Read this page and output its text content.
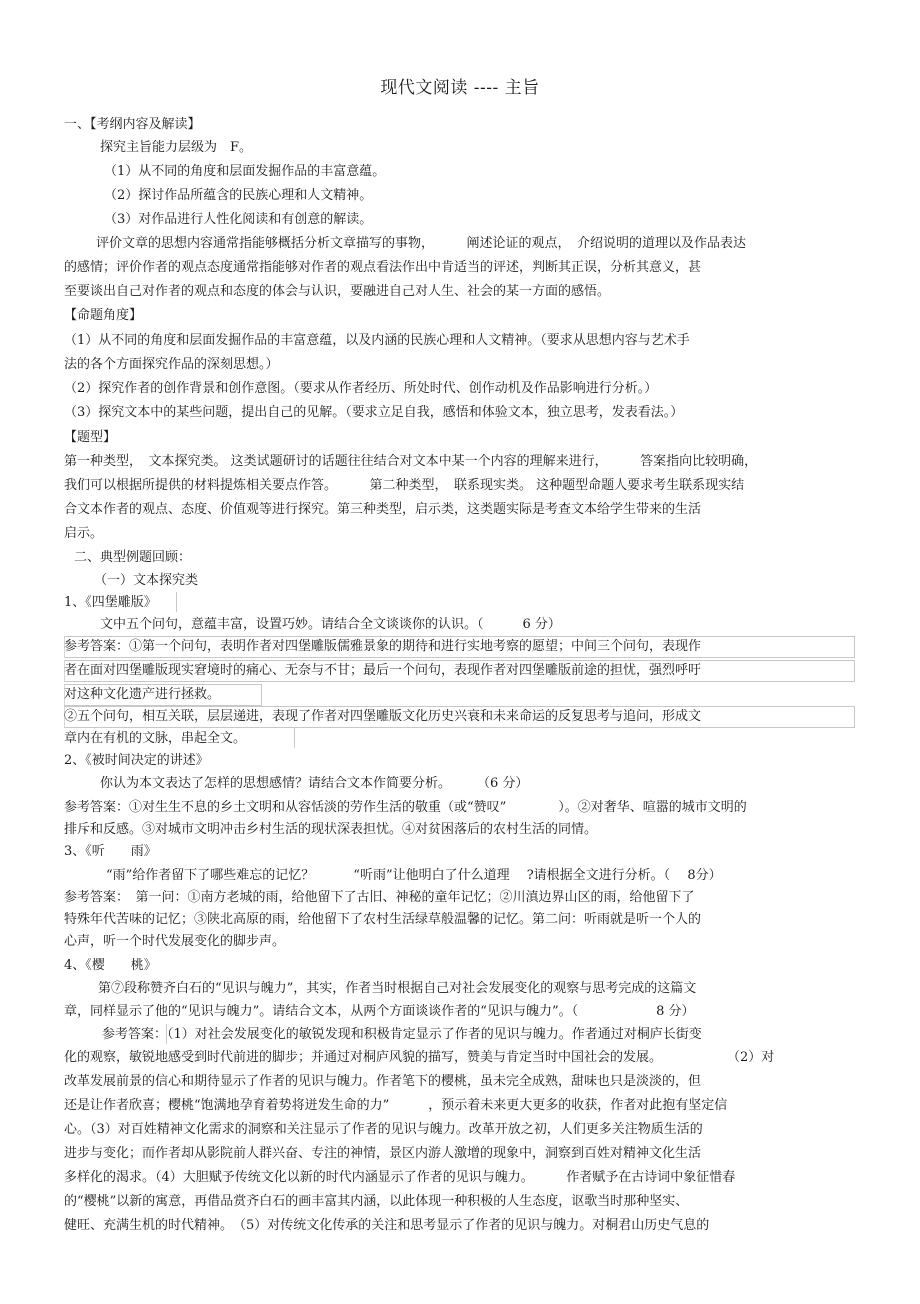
现代文阅读 ---- 主旨
一、【考纲内容及解读】
探究主旨能力层级为　F。
（1）从不同的角度和层面发掘作品的丰富意蕴。
（2）探讨作品所蕴含的民族心理和人文精神。
（3）对作品进行人性化阅读和有创意的解读。
评价文章的思想内容通常指能够概括分析文章描写的事物，　　　阐述论证的观点，　介绍说明的道理以及作品表达
的感情；评价作者的观点态度通常指能够对作者的观点看法作出中肯适当的评述，判断其正误，分析其意义，甚
至要谈出自己对作者的观点和态度的体会与认识，要融进自己对人生、社会的某一方面的感悟。
【命题角度】
（1）从不同的角度和层面发掘作品的丰富意蕴，以及内涵的民族心理和人文精神。（要求从思想内容与艺术手
法的各个方面探究作品的深刻思想。）
（2）探究作者的创作背景和创作意图。（要求从作者经历、所处时代、创作动机及作品影响进行分析。）
（3）探究文本中的某些问题，提出自己的见解。（要求立足自我，感悟和体验文本，独立思考，发表看法。）
【题型】
第一种类型，　文本探究类。 这类试题研讨的话题往往结合对文本中某一个内容的理解来进行，　　　答案指向比较明确，
我们可以根据所提供的材料提炼相关要点作答。　　　第二种类型，　联系现实类。 这种题型命题人要求考生联系现实结
合文本作者的观点、态度、价值观等进行探究。第三种类型，启示类，这类题实际是考查文本给学生带来的生活
启示。
二、典型例题回顾：
（一）文本探究类
1、《四堡雕版》
文中五个问句，意蕴丰富，设置巧妙。请结合全文谈谈你的认识。（　　　6 分）
参考答案：①第一个问句，表明作者对四堡雕版儒雅景象的期待和进行实地考察的愿望；中间三个问句，表现作
者在面对四堡雕版现实窘境时的痛心、无奈与不甘；最后一个问句，表现作者对四堡雕版前途的担忧，强烈呼吁
对这种文化遗产进行拯救。
②五个问句，相互关联，层层递进，表现了作者对四堡雕版文化历史兴衰和未来命运的反复思考与追问，形成文
章内在有机的文脉，串起全文。
2、《被时间决定的讲述》
你认为本文表达了怎样的思想感情？请结合文本作简要分析。　　　（6 分）
参考答案：①对生生不息的乡土文明和从容恬淡的劳作生活的敬重（或“赞叹”　　　　）。②对奢华、喧嚣的城市文明的
排斥和反感。③对城市文明冲击乡村生活的现状深表担忧。④对贫困落后的农村生活的同情。
3、《听　　雨》
“雨”给作者留下了哪些难忘的记忆？　　　“听雨”让他明白了什么道理　 ?请根据全文进行分析。（　 8分）
参考答案：　第一问：①南方老城的雨，给他留下了古旧、神秘的童年记忆；②川滇边界山区的雨，给他留下了
特殊年代苦味的记忆；③陕北高原的雨，给他留下了农村生活绿草般温馨的记忆。第二问：听雨就是听一个人的
心声，听一个时代发展变化的脚步声。
4、《樱　　桃》
第⑦段称赞齐白石的“见识与魄力”，其实，作者当时根据自己对社会发展变化的观察与思考完成的这篇文
章，同样显示了他的“见识与魄力”。请结合文本，从两个方面谈谈作者的“见识与魄力”。（　　　　　　8 分）
参考答案：（1）对社会发展变化的敏锐发现和积极肯定显示了作者的见识与魄力。作者通过对桐庐长街变
化的观察，敏锐地感受到时代前进的脚步；并通过对桐庐风貌的描写，赞美与肯定当时中国社会的发展。　　　　　　（2）对
改革发展前景的信心和期待显示了作者的见识与魄力。作者笔下的樱桃，虽未完全成熟，甜味也只是淡淡的，但
还是让作者欣喜；樱桃“饱满地孕育着势将迸发生命的力”　　　，预示着未来更大更多的收获，作者对此抱有坚定信
心。（3）对百姓精神文化需求的洞察和关注显示了作者的见识与魄力。改革开放之初，人们更多关注物质生活的
进步与变化；而作者却从影院前人群兴奋、专注的神情，景区内游人激增的现象中，洞察到百姓对精神文化生活
多样化的渴求。（4）大胆赋予传统文化以新的时代内涵显示了作者的见识与魄力。　　　作者赋予在古诗词中象征惜春
的“樱桃”以新的寓意，再借品赏齐白石的画丰富其内涵，以此体现一种积极的人生态度，讴歌当时那种坚实、
健旺、充满生机的时代精神。　（5）对传统文化传承的关注和思考显示了作者的见识与魄力。对桐君山历史气息的
